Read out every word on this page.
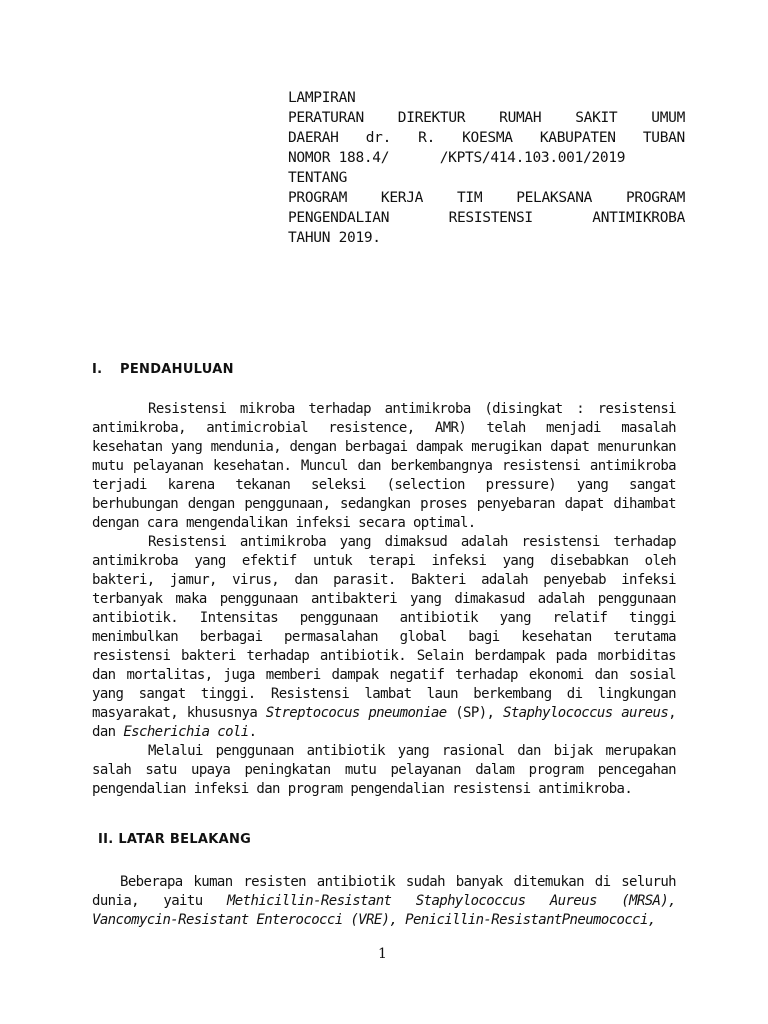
LAMPIRAN
PERATURAN DIREKTUR RUMAH SAKIT UMUM
DAERAH dr. R. KOESMA KABUPATEN TUBAN
NOMOR 188.4/      /KPTS/414.103.001/2019
TENTANG
PROGRAM KERJA TIM PELAKSANA PROGRAM
PENGENDALIAN RESISTENSI ANTIMIKROBA
TAHUN 2019.
I. PENDAHULUAN

Resistensi mikroba terhadap antimikroba (disingkat : resistensi antimikroba, antimicrobial resistence, AMR) telah menjadi masalah kesehatan yang mendunia, dengan berbagai dampak merugikan dapat menurunkan mutu pelayanan kesehatan. Muncul dan berkembangnya resistensi antimikroba terjadi karena tekanan seleksi (selection pressure) yang sangat berhubungan dengan penggunaan, sedangkan proses penyebaran dapat dihambat dengan cara mengendalikan infeksi secara optimal.

Resistensi antimikroba yang dimaksud adalah resistensi terhadap antimikroba yang efektif untuk terapi infeksi yang disebabkan oleh bakteri, jamur, virus, dan parasit. Bakteri adalah penyebab infeksi terbanyak maka penggunaan antibakteri yang dimakasud adalah penggunaan antibiotik. Intensitas penggunaan antibiotik yang relatif tinggi menimbulkan berbagai permasalahan global bagi kesehatan terutama resistensi bakteri terhadap antibiotik. Selain berdampak pada morbiditas dan mortalitas, juga memberi dampak negatif terhadap ekonomi dan sosial yang sangat tinggi. Resistensi lambat laun berkembang di lingkungan masyarakat, khususnya Streptococus pneumoniae (SP), Staphylococcus aureus, dan Escherichia coli.

Melalui penggunaan antibiotik yang rasional dan bijak merupakan salah satu upaya peningkatan mutu pelayanan dalam program pencegahan pengendalian infeksi dan program pengendalian resistensi antimikroba.

II. LATAR BELAKANG

Beberapa kuman resisten antibiotik sudah banyak ditemukan di seluruh dunia, yaitu Methicillin-Resistant Staphylococcus Aureus (MRSA), Vancomycin-Resistant Enterococci (VRE), Penicillin-ResistantPneumococci,

1
